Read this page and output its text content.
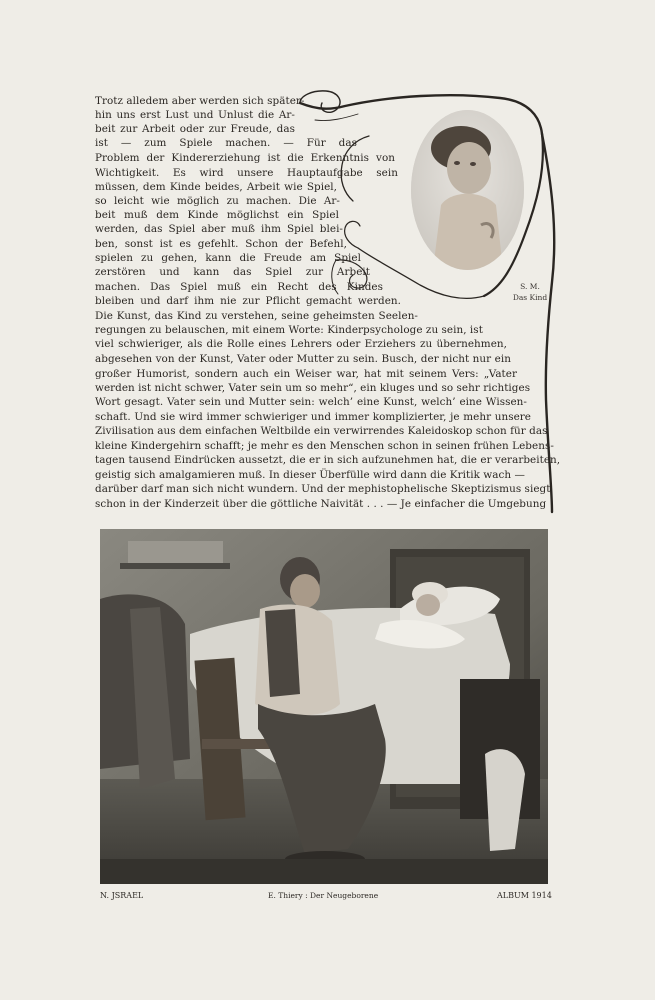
S. M.
Das Kind
Trotz alledem aber werden sich später-
hin uns erst Lust und Unlust die Ar-
beit zur Arbeit oder zur Freude, das
ist — zum Spiele machen. — Für das
Problem der Kindererziehung ist die Erkenntnis von
Wichtigkeit. Es wird unsere Hauptaufgabe sein
müssen, dem Kinde beides, Arbeit wie Spiel,
so leicht wie möglich zu machen. Die Ar-
beit muß dem Kinde möglichst ein Spiel
werden, das Spiel aber muß ihm Spiel blei-
ben, sonst ist es gefehlt. Schon der Befehl,
spielen zu gehen, kann die Freude am Spiel
zerstören und kann das Spiel zur Arbeit
machen. Das Spiel muß ein Recht des Kindes
bleiben und darf ihm nie zur Pflicht gemacht werden.
Die Kunst, das Kind zu verstehen, seine geheimsten Seelen-
regungen zu belauschen, mit einem Worte: Kinderpsychologe zu sein, ist
viel schwieriger, als die Rolle eines Lehrers oder Erziehers zu übernehmen,
abgesehen von der Kunst, Vater oder Mutter zu sein. Busch, der nicht nur ein
großer Humorist, sondern auch ein Weiser war, hat mit seinem Vers: „Vater
werden ist nicht schwer, Vater sein um so mehr“, ein kluges und so sehr richtiges
Wort gesagt. Vater sein und Mutter sein: welch’ eine Kunst, welch’ eine Wissen-
schaft. Und sie wird immer schwieriger und immer komplizierter, je mehr unsere
Zivilisation aus dem einfachen Weltbilde ein verwirrendes Kaleidoskop schon für das
kleine Kindergehirn schafft; je mehr es den Menschen schon in seinen frühen Lebens-
tagen tausend Eindrücken aussetzt, die er in sich aufzunehmen hat, die er verarbeiten,
geistig sich amalgamieren muß. In dieser Überfülle wird dann die Kritik wach —
darüber darf man sich nicht wundern. Und der mephistophelische Skeptizismus siegt
schon in der Kinderzeit über die göttliche Naivität . . . — Je einfacher die Umgebung
N. JSRAEL	E. Thiery : Der Neugeborene	ALBUM 1914
